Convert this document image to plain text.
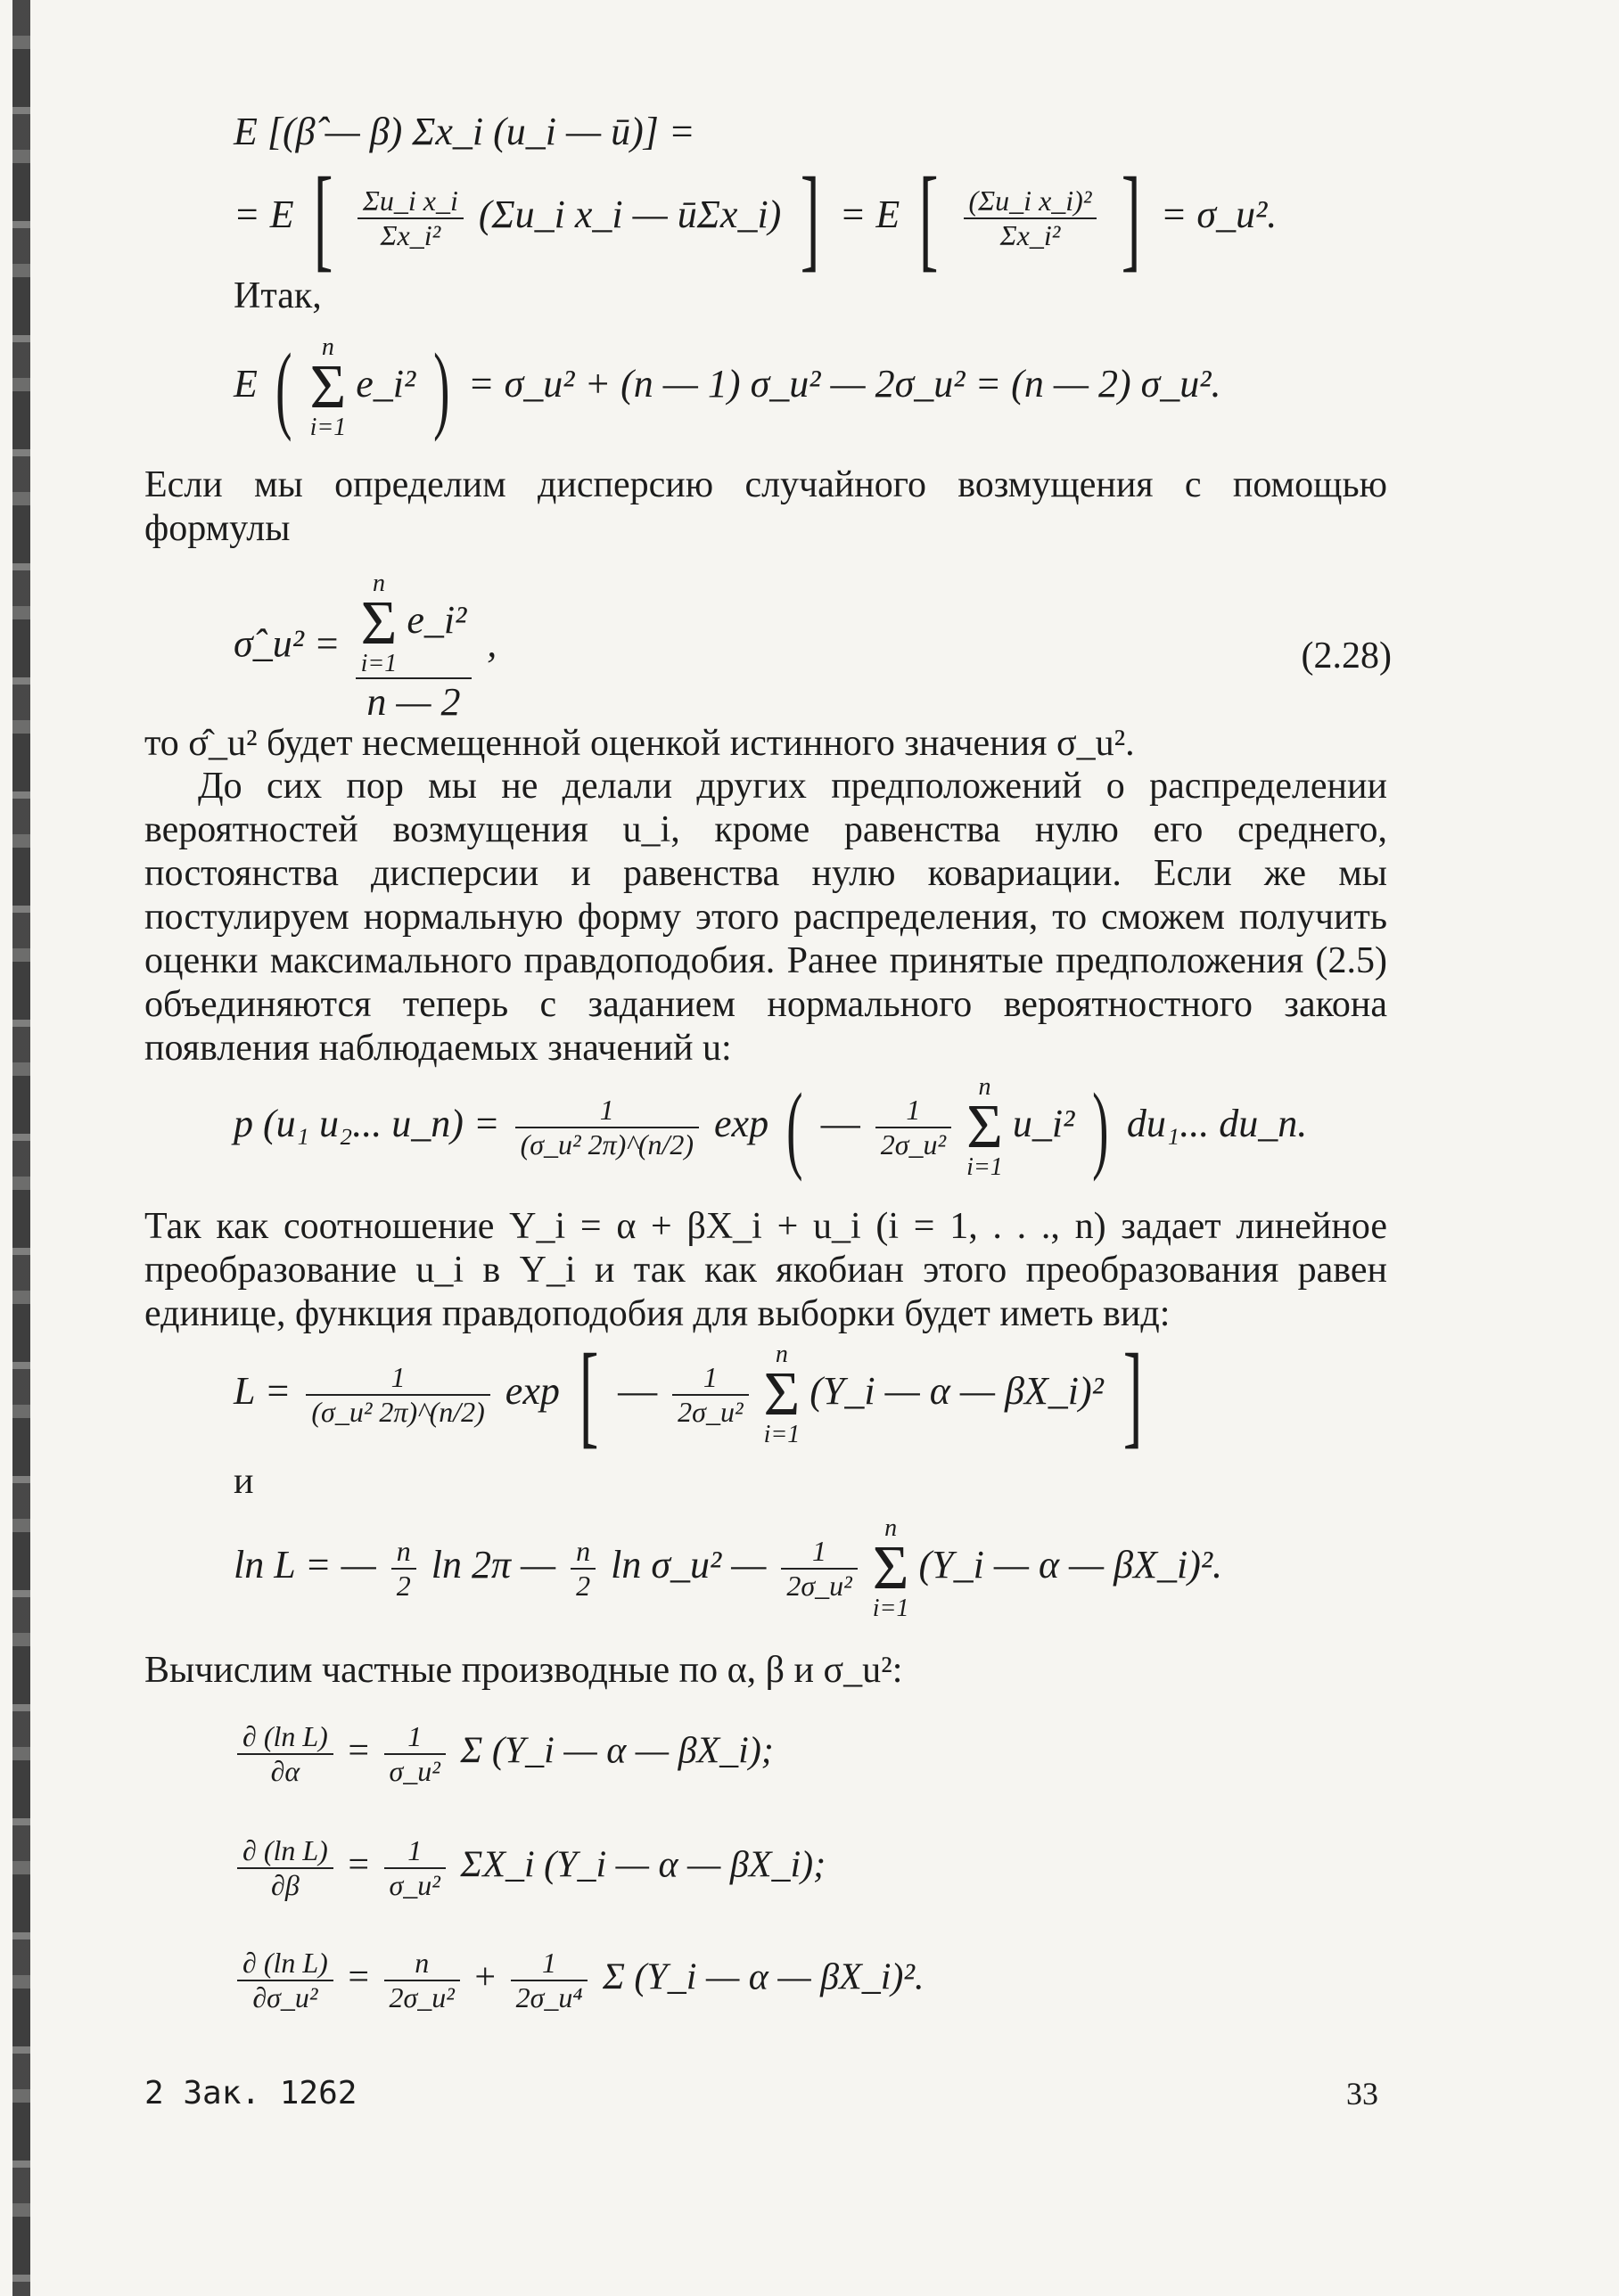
E [(β̂ — β) Σx_i (u_i — ū)] =
= E [ $\frac{\text{Σu\_i x\_i}}{\text{Σx\_i²}}$ (Σu_i x_i — ūΣx_i) ] = E [ $\frac{\text{(Σu\_i x\_i)²}}{\text{Σx\_i²}}$ ] = σ_u².
Итак,
E (	n
Σ
i=1
e_i² ) = σ_u² + (n — 1) σ_u² — 2σ_u² = (n — 2) σ_u².
Если мы определим дисперсию случайного возмущения с помощью формулы
σ̂_u² = n
Σ
i=1
e_i²
n — 2 ,	(2.28)
то σ̂_u² будет несмещенной оценкой истинного значения σ_u².
До сих пор мы не делали других предположений о распределении вероятностей возмущения u_i, кроме равенства нулю его среднего, постоянства дисперсии и равенства нулю ковариации. Если же мы постулируем нормальную форму этого распределения, то сможем получить оценки максимального правдоподобия. Ранее принятые предположения (2.5) объединяются теперь с заданием нормального вероятностного закона появления наблюдаемых значений u:
p (u₁ u₂... u_n) = $\frac{1}{\text{(σ\_u² 2π)\textasciicircum{}(n/2)}}$ exp ( — $\frac{1}{\text{2σ\_u²}}$

n
Σ
i=1
u_i² ) du₁... du_n.
Так как соотношение Y_i = α + βX_i + u_i (i = 1, . . ., n) задает линейное преобразование u_i в Y_i и так как якобиан этого преобразования равен единице, функция правдоподобия для выборки будет иметь вид:
$L = \frac{1}{\text{(σ\_u² 2π)\textasciicircum{}(n/2)}}$ exp [ — $\frac{1}{\text{2σ\_u²}}$

n
Σ
i=1
(Y_i — α — βX_i)² ]
и
ln L = — $\frac{n}{2}$ ln 2π — $\frac{n}{2}$ ln σ_u² — $\frac{1}{\text{2σ\_u²}}$

n
Σ
i=1
(Y_i — α — βX_i)².
Вычислим частные производные по α, β и σ_u²:
$\frac{\text{∂ (ln L)}}{\partial\alpha} = \frac{1}{\text{σ\_u²}}$ Σ (Y_i — α — βX_i);
$\frac{\text{∂ (ln L)}}{\partial\beta} = \frac{1}{\text{σ\_u²}}$ ΣX_i (Y_i — α — βX_i);
$\frac{\text{∂ (ln L)}}{\text{∂σ\_u²}} = \frac{n}{\text{2σ\_u²}} + \frac{1}{\text{2σ\_u⁴}}$ Σ (Y_i — α — βX_i)².
2 Зак. 1262	33
